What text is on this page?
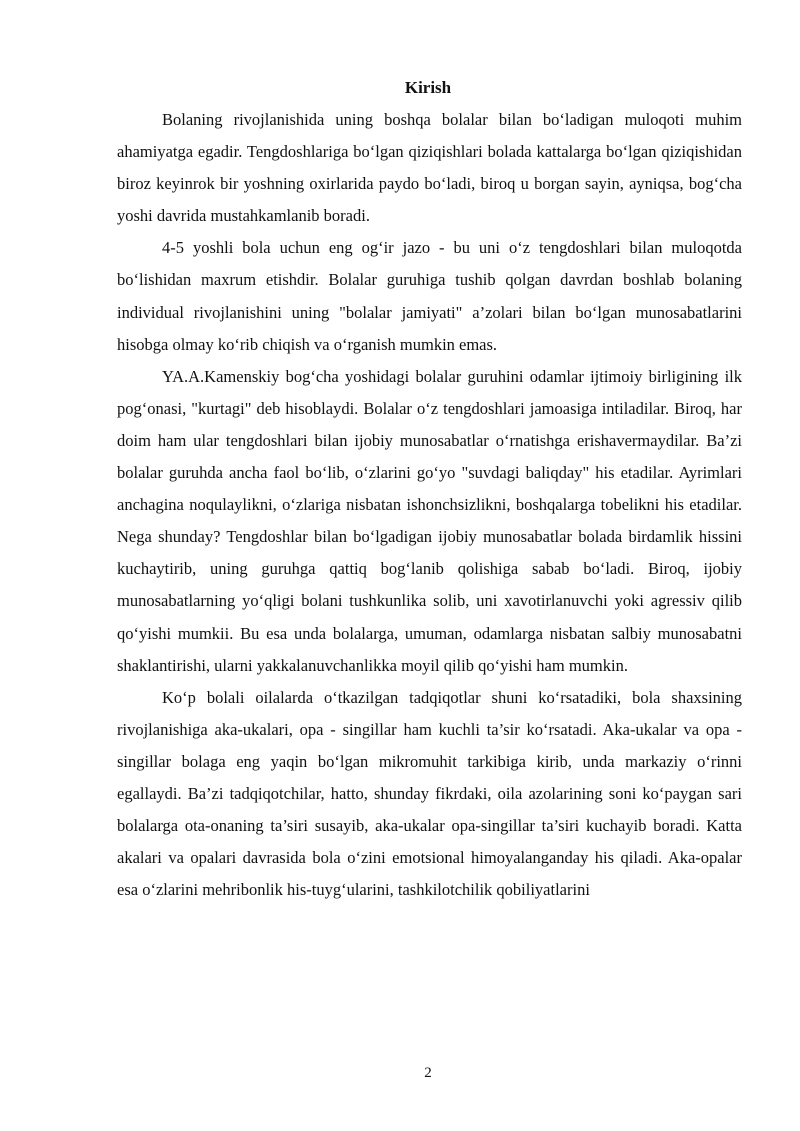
Kirish

Bolaning rivojlanishida uning boshqa bolalar bilan bo‘ladigan muloqoti muhim ahamiyatga egadir. Tengdoshlariga bo‘lgan qiziqishlari bolada kattalarga bo‘lgan qiziqishidan biroz keyinrok bir yoshning oxirlarida paydo bo‘ladi, biroq u borgan sayin, ayniqsa, bog‘cha yoshi davrida mustahkamlanib boradi.

4-5 yoshli bola uchun eng og‘ir jazo - bu uni o‘z tengdoshlari bilan muloqotda bo‘lishidan maxrum etishdir. Bolalar guruhiga tushib qolgan davrdan boshlab bolaning individual rivojlanishini uning "bolalar jamiyati" a’zolari bilan bo‘lgan munosabatlarini hisobga olmay ko‘rib chiqish va o‘rganish mumkin emas.

YA.A.Kamenskiy bog‘cha yoshidagi bolalar guruhini odamlar ijtimoiy birligining ilk pog‘onasi, "kurtagi" deb hisoblaydi. Bolalar o‘z tengdoshlari jamoasiga intiladilar. Biroq, har doim ham ular tengdoshlari bilan ijobiy munosabatlar o‘rnatishga erishavermaydilar. Ba’zi bolalar guruhda ancha faol bo‘lib, o‘zlarini go‘yo "suvdagi baliqday" his etadilar. Ayrimlari anchagina noqulaylikni, o‘zlariga nisbatan ishonchsizlikni, boshqalarga tobelikni his etadilar. Nega shunday? Tengdoshlar bilan bo‘lgadigan ijobiy munosabatlar bolada birdamlik hissini kuchaytirib, uning guruhga qattiq bog‘lanib qolishiga sabab bo‘ladi. Biroq, ijobiy munosabatlarning yo‘qligi bolani tushkunlika solib, uni xavotirlanuvchi yoki agressiv qilib qo‘yishi mumkii. Bu esa unda bolalarga, umuman, odamlarga nisbatan salbiy munosabatni shaklantirishi, ularni yakkalanuvchanlikka moyil qilib qo‘yishi ham mumkin.

Ko‘p bolali oilalarda o‘tkazilgan tadqiqotlar shuni ko‘rsatadiki, bola shaxsining rivojlanishiga aka-ukalari, opa - singillar ham kuchli ta’sir ko‘rsatadi. Aka-ukalar va opa - singillar bolaga eng yaqin bo‘lgan mikromuhit tarkibiga kirib, unda markaziy o‘rinni egallaydi. Ba’zi tadqiqotchilar, hatto, shunday fikrdaki, oila azolarining soni ko‘paygan sari bolalarga ota-onaning ta’siri susayib, aka-ukalar opa-singillar ta’siri kuchayib boradi. Katta akalari va opalari davrasida bola o‘zini emotsional himoyalanganday his qiladi. Aka-opalar esa o‘zlarini mehribonlik his-tuyg‘ularini, tashkilotchilik qobiliyatlarini

2
